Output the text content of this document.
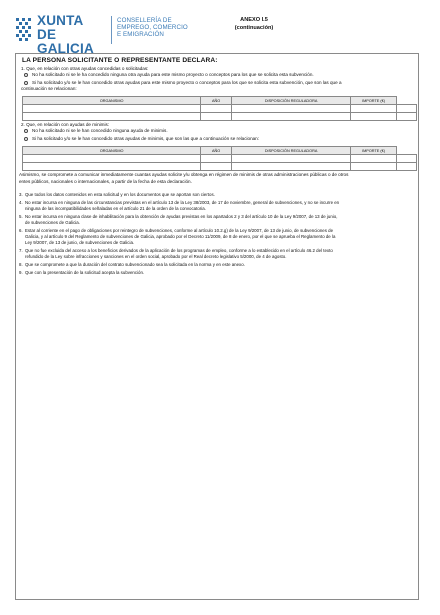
XUNTA
DE GALICIA
CONSELLERÍA DE
EMPREGO, COMERCIO
E EMIGRACIÓN
ANEXO I.5
(continuación)
LA PERSONA SOLICITANTE O REPRESENTANTE DECLARA:
1. Que, en relación con otras ayudas concedidas o solicitadas:
No ha solicitado ni se le ha concedido ninguna otra ayuda para este mismo proyecto o conceptos para los que se solicita esta subvención.
Si ha solicitado y/o se le han concedido otras ayudas para este mismo proyecto o conceptos para los que se solicita esta subvención, que son las que a
continuación se relacionan:
ORGANISMO	AÑO	DISPOSICIÓN REGULADORA	IMPORTE (€)	

2. Que, en relación con ayudas de minimis:
No ha solicitado ni se le han concedido ninguna ayuda de minimis.
Si ha solicitado y/o se le han concedido otras ayudas de minimis, que son las que a continuación se relacionan:
ORGANISMO	AÑO	DISPOSICIÓN REGULADORA	IMPORTE (€)	

Asimismo, se compromete a comunicar inmediatamente cuantas ayudas solicite y/u obtenga en régimen de minimis de otras administraciones públicas o de otros
entes públicos, nacionales o internacionales, a partir de la fecha de esta declaración.
3. Que todos los datos contenidos en esta solicitud y en los documentos que se aportan son ciertos.
4. No estar incursa en ninguna de las circunstancias previstas en el artículo 13 de la Ley 38/2003, de 17 de noviembre, general de subvenciones, y no se incurre en
ninguna de las incompatibilidades señaladas en el artículo 21 de la orden de la convocatoria.
5. No estar incursa en ninguna clase de inhabilitación para la obtención de ayudas previstas en los apartados 2 y 3 del artículo 10 de la Ley 9/2007, de 13 de junio,
de subvenciones de Galicia.
6. Estar al corriente en el pago de obligaciones por reintegro de subvenciones, conforme al artículo 10.2.g) de la Ley 9/2007, de 13 de junio, de subvenciones de
Galicia, y al artículo 9 del Reglamento de subvenciones de Galicia, aprobado por el Decreto 11/2009, de 8 de enero, por el que se aprueba el Reglamento de la
Ley 9/2007, de 13 de junio, de subvenciones de Galicia.
7. Que no fue excluida del acceso a los beneficios derivados de la aplicación de los programas de empleo, conforme a lo establecido en el artículo 46.2 del texto
refundido de la Ley sobre infracciones y sanciones en el orden social, aprobado por el Real decreto legislativo 5/2000, de 4 de agosto.
8. Que se compromete a que la duración del contrato subvencionado sea la solicitada en la norma y en este anexo.
9. Que con la presentación de la solicitud acepta la subvención.
